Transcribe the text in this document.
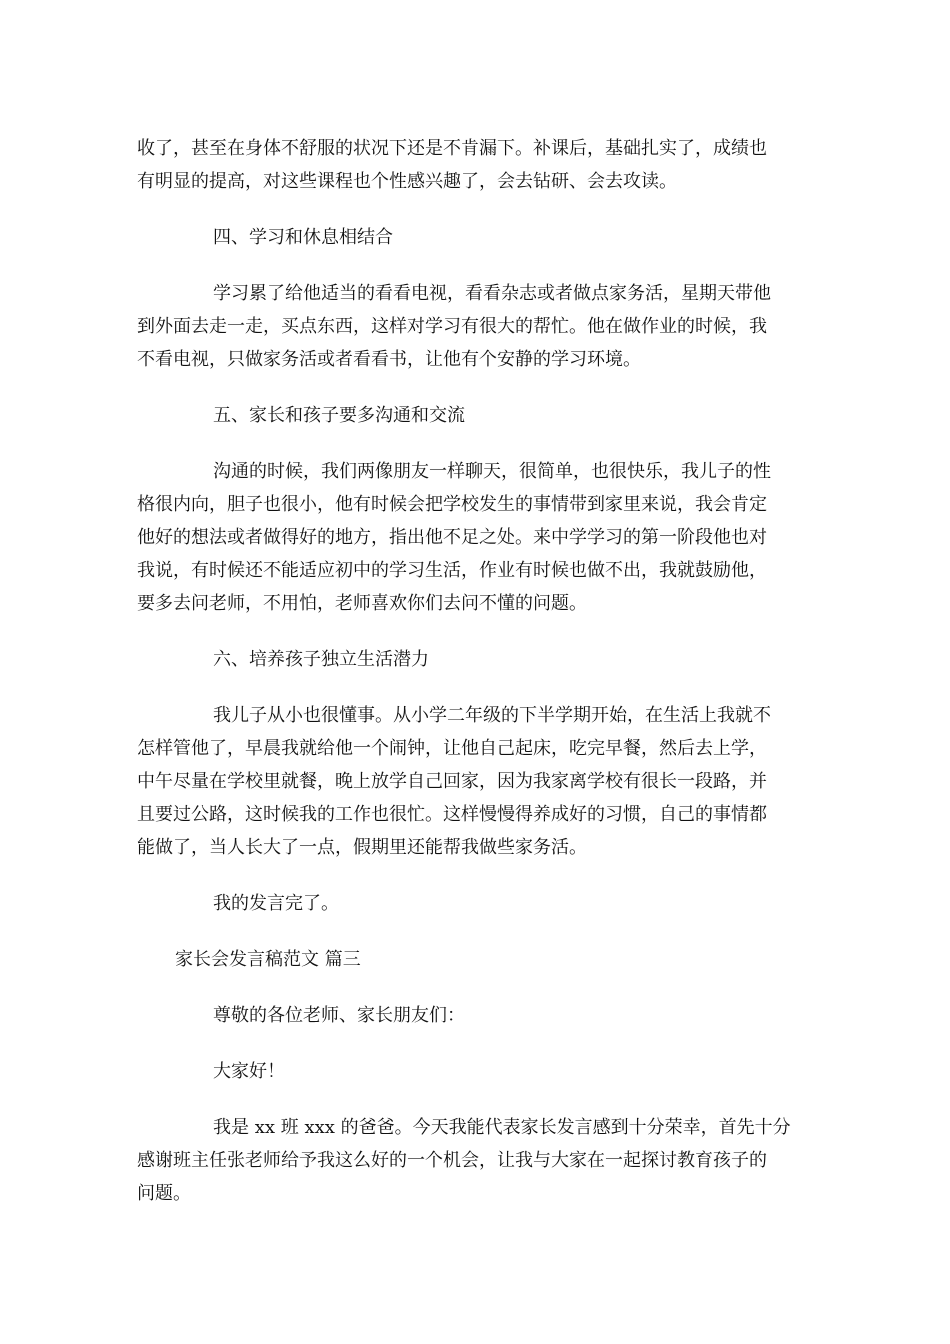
收了，甚至在身体不舒服的状况下还是不肯漏下。补课后，基础扎实了，成绩也
有明显的提高，对这些课程也个性感兴趣了，会去钻研、会去攻读。
四、学习和休息相结合
学习累了给他适当的看看电视，看看杂志或者做点家务活，星期天带他
到外面去走一走，买点东西，这样对学习有很大的帮忙。他在做作业的时候，我
不看电视，只做家务活或者看看书，让他有个安静的学习环境。
五、家长和孩子要多沟通和交流
沟通的时候，我们两像朋友一样聊天，很简单，也很快乐，我儿子的性
格很内向，胆子也很小，他有时候会把学校发生的事情带到家里来说，我会肯定
他好的想法或者做得好的地方，指出他不足之处。来中学学习的第一阶段他也对
我说，有时候还不能适应初中的学习生活，作业有时候也做不出，我就鼓励他，
要多去问老师，不用怕，老师喜欢你们去问不懂的问题。
六、培养孩子独立生活潜力
我儿子从小也很懂事。从小学二年级的下半学期开始，在生活上我就不
怎样管他了，早晨我就给他一个闹钟，让他自己起床，吃完早餐，然后去上学，
中午尽量在学校里就餐，晚上放学自己回家，因为我家离学校有很长一段路，并
且要过公路，这时候我的工作也很忙。这样慢慢得养成好的习惯，自己的事情都
能做了，当人长大了一点，假期里还能帮我做些家务活。
我的发言完了。
家长会发言稿范文 篇三
尊敬的各位老师、家长朋友们：
大家好！
我是 xx 班 xxx 的爸爸。今天我能代表家长发言感到十分荣幸，首先十分
感谢班主任张老师给予我这么好的一个机会，让我与大家在一起探讨教育孩子的
问题。
